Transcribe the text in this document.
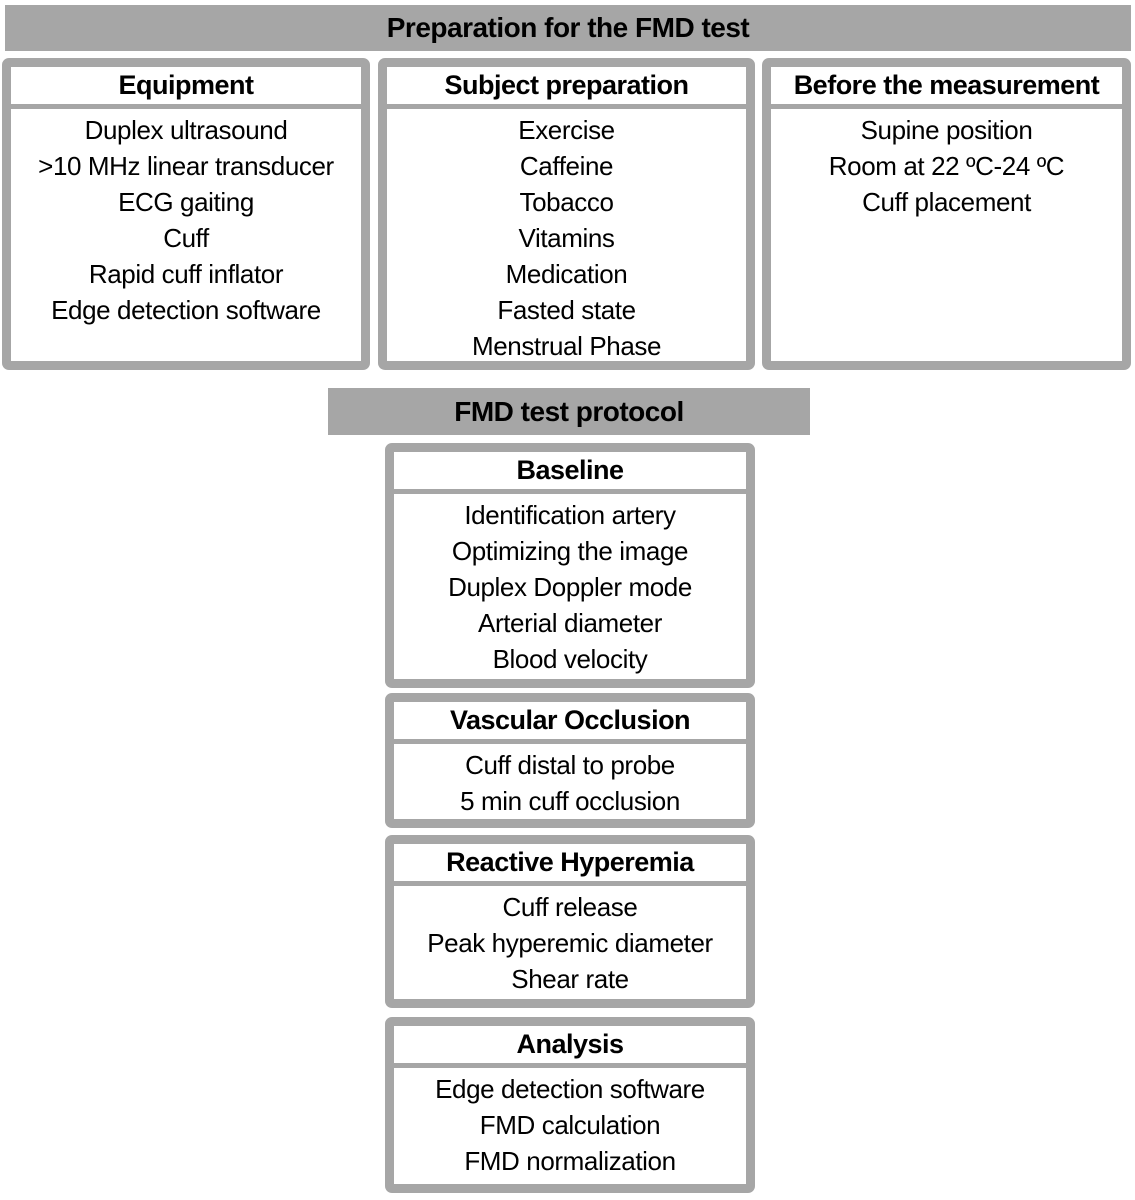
Preparation for the FMD test
Equipment
Duplex ultrasound
>10 MHz linear transducer
ECG gaiting
Cuff
Rapid cuff inflator
Edge detection software
Subject preparation
Exercise
Caffeine
Tobacco
Vitamins
Medication
Fasted state
Menstrual Phase
Before the measurement
Supine position
Room at 22 ºC-24 ºC
Cuff placement
FMD test protocol
Baseline
Identification artery
Optimizing the image
Duplex Doppler mode
Arterial diameter
Blood velocity
Vascular Occlusion
Cuff distal to probe
5 min cuff occlusion
Reactive Hyperemia
Cuff release
Peak hyperemic diameter
Shear rate
Analysis
Edge detection software
FMD calculation
FMD normalization
